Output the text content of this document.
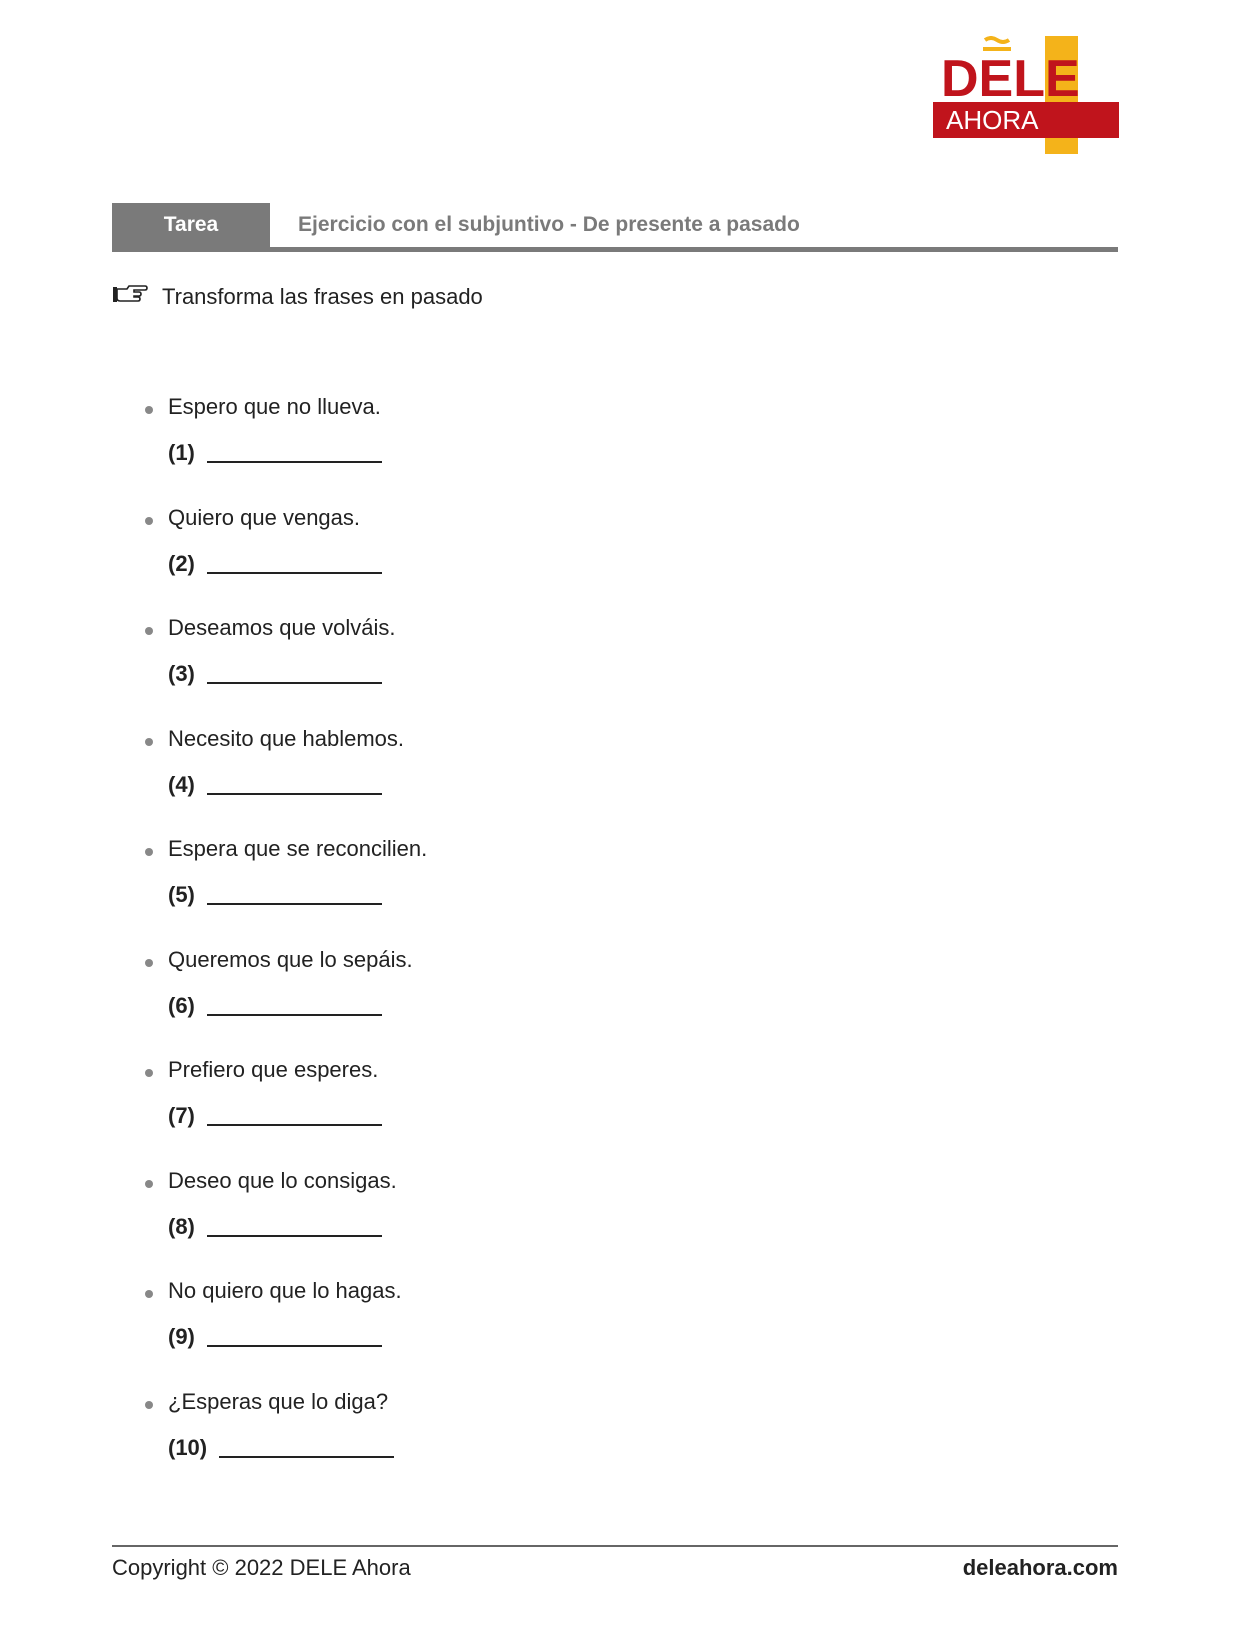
DEL E
AHORA
Tarea	Ejercicio con el subjuntivo - De presente a pasado
Transforma las frases en pasado
Espero que no llueva.
(1)
Quiero que vengas.
(2)
Deseamos que volváis.
(3)
Necesito que hablemos.
(4)
Espera que se reconcilien.
(5)
Queremos que lo sepáis.
(6)
Prefiero que esperes.
(7)
Deseo que lo consigas.
(8)
No quiero que lo hagas.
(9)
¿Esperas que lo diga?
(10)
Copyright © 2022 DELE Ahora	deleahora.com
